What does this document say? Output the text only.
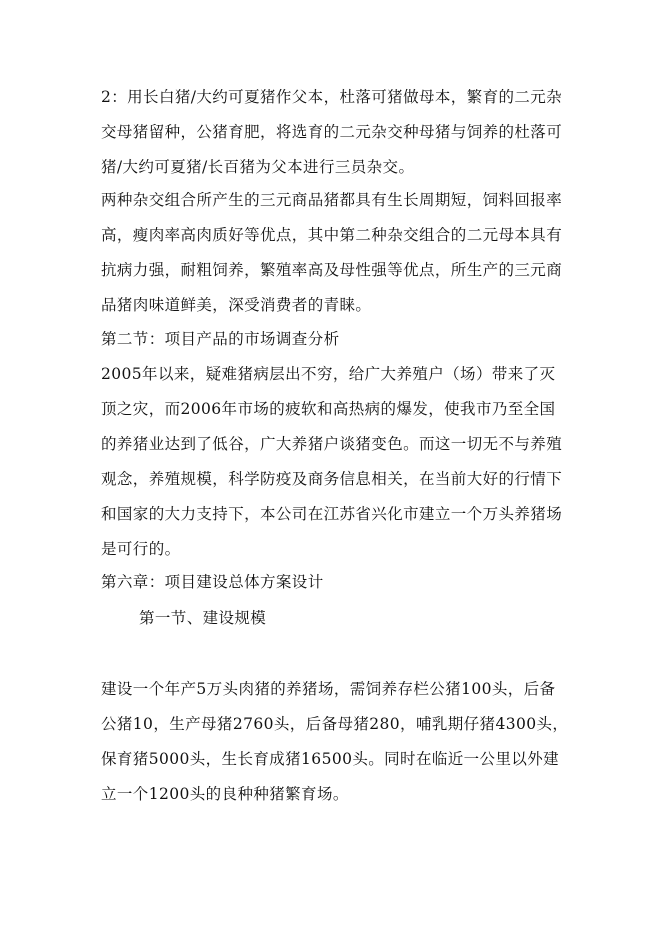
2：用长白猪/大约可夏猪作父本，杜落可猪做母本，繁育的二元杂交母猪留种，公猪育肥，将选育的二元杂交种母猪与饲养的杜落可猪/大约可夏猪/长百猪为父本进行三员杂交。

两种杂交组合所产生的三元商品猪都具有生长周期短，饲料回报率高，瘦肉率高肉质好等优点，其中第二种杂交组合的二元母本具有抗病力强，耐粗饲养，繁殖率高及母性强等优点，所生产的三元商品猪肉味道鲜美，深受消费者的青睐。

第二节：项目产品的市场调查分析

2005年以来，疑难猪病层出不穷，给广大养殖户（场）带来了灭顶之灾，而2006年市场的疲软和高热病的爆发，使我市乃至全国的养猪业达到了低谷，广大养猪户谈猪变色。而这一切无不与养殖观念，养殖规模，科学防疫及商务信息相关，在当前大好的行情下和国家的大力支持下，本公司在江苏省兴化市建立一个万头养猪场是可行的。

第六章：项目建设总体方案设计
第一节、建设规模

建设一个年产5万头肉猪的养猪场，需饲养存栏公猪100头，后备公猪10，生产母猪2760头，后备母猪280，哺乳期仔猪4300头，保育猪5000头，生长育成猪16500头。同时在临近一公里以外建立一个1200头的良种种猪繁育场。
